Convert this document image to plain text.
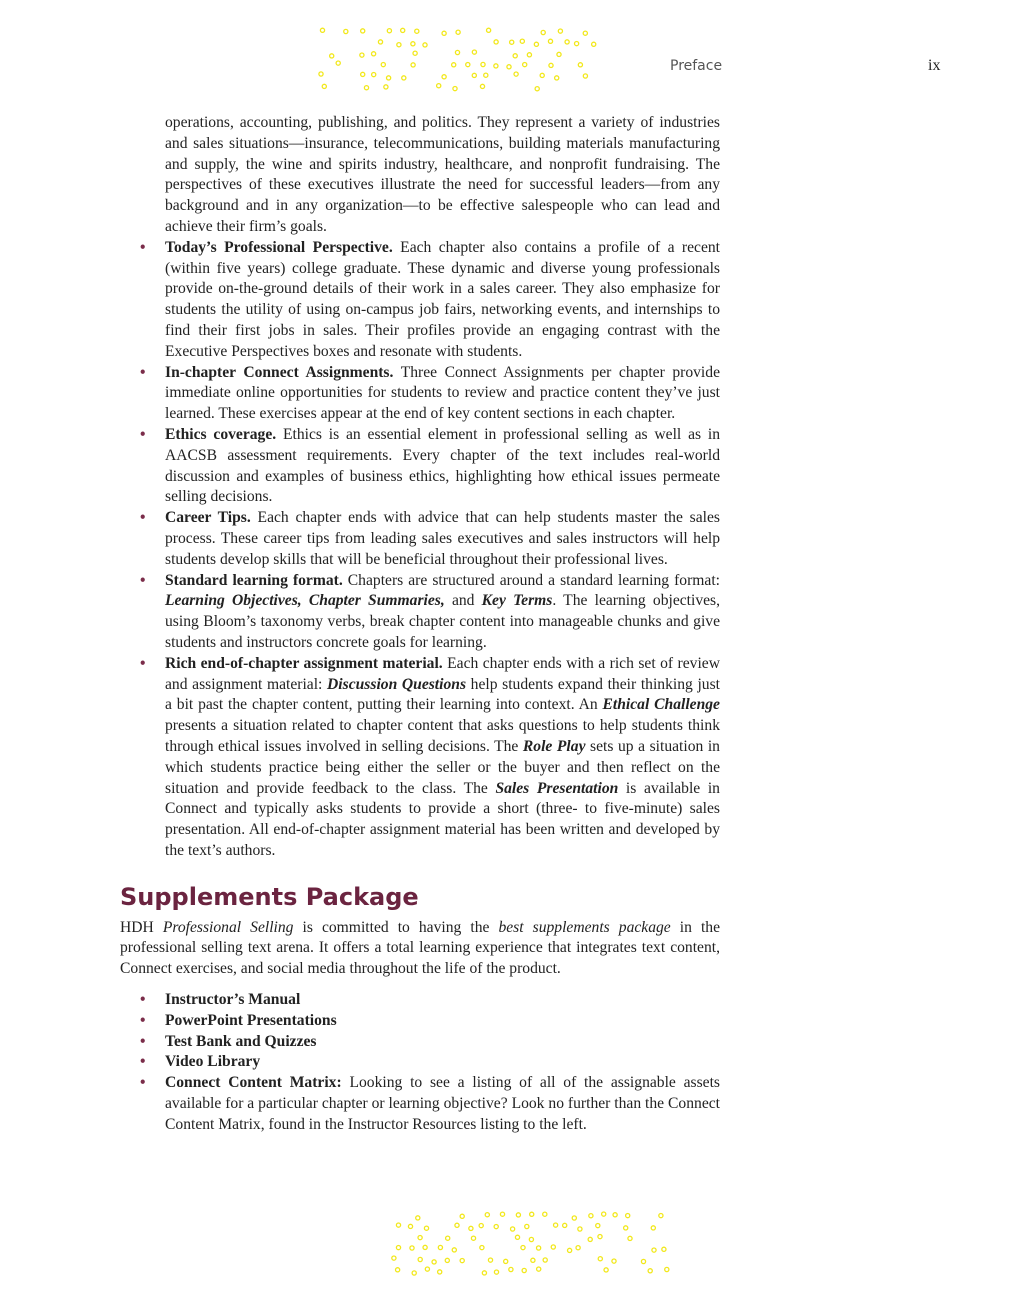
Preface	ix

operations, accounting, publishing, and politics. They represent a variety of industries and sales situations—insurance, telecommunications, building materials manufacturing and supply, the wine and spirits industry, healthcare, and nonprofit fundraising. The perspectives of these executives illustrate the need for successful leaders—from any background and in any organization—to be effective salespeople who can lead and achieve their firm’s goals.

• Today’s Professional Perspective. Each chapter also contains a profile of a recent (within five years) college graduate. These dynamic and diverse young professionals provide on-the-ground details of their work in a sales career. They also emphasize for students the utility of using on-campus job fairs, networking events, and internships to find their first jobs in sales. Their profiles provide an engaging contrast with the Executive Perspectives boxes and resonate with students.
• In-chapter Connect Assignments. Three Connect Assignments per chapter provide immediate online opportunities for students to review and practice content they’ve just learned. These exercises appear at the end of key content sections in each chapter.
• Ethics coverage. Ethics is an essential element in professional selling as well as in AACSB assessment requirements. Every chapter of the text includes real-world discussion and examples of business ethics, highlighting how ethical issues permeate selling decisions.
• Career Tips. Each chapter ends with advice that can help students master the sales process. These career tips from leading sales executives and sales instructors will help students develop skills that will be beneficial throughout their professional lives.
• Standard learning format. Chapters are structured around a standard learning format: Learning Objectives, Chapter Summaries, and Key Terms. The learning objectives, using Bloom’s taxonomy verbs, break chapter content into manageable chunks and give students and instructors concrete goals for learning.
• Rich end-of-chapter assignment material. Each chapter ends with a rich set of review and assignment material: Discussion Questions help students expand their thinking just a bit past the chapter content, putting their learning into context. An Ethical Challenge presents a situation related to chapter content that asks questions to help students think through ethical issues involved in selling decisions. The Role Play sets up a situation in which students practice being either the seller or the buyer and then reflect on the situation and provide feedback to the class. The Sales Presentation is available in Connect and typically asks students to provide a short (three- to five-minute) sales presentation. All end-of-chapter assignment material has been written and developed by the text’s authors.
Supplements Package

HDH Professional Selling is committed to having the best supplements package in the professional selling text arena. It offers a total learning experience that integrates text content, Connect exercises, and social media throughout the life of the product.

• Instructor’s Manual
• PowerPoint Presentations
• Test Bank and Quizzes
• Video Library
• Connect Content Matrix: Looking to see a listing of all of the assignable assets available for a particular chapter or learning objective? Look no further than the Connect Content Matrix, found in the Instructor Resources listing to the left.
